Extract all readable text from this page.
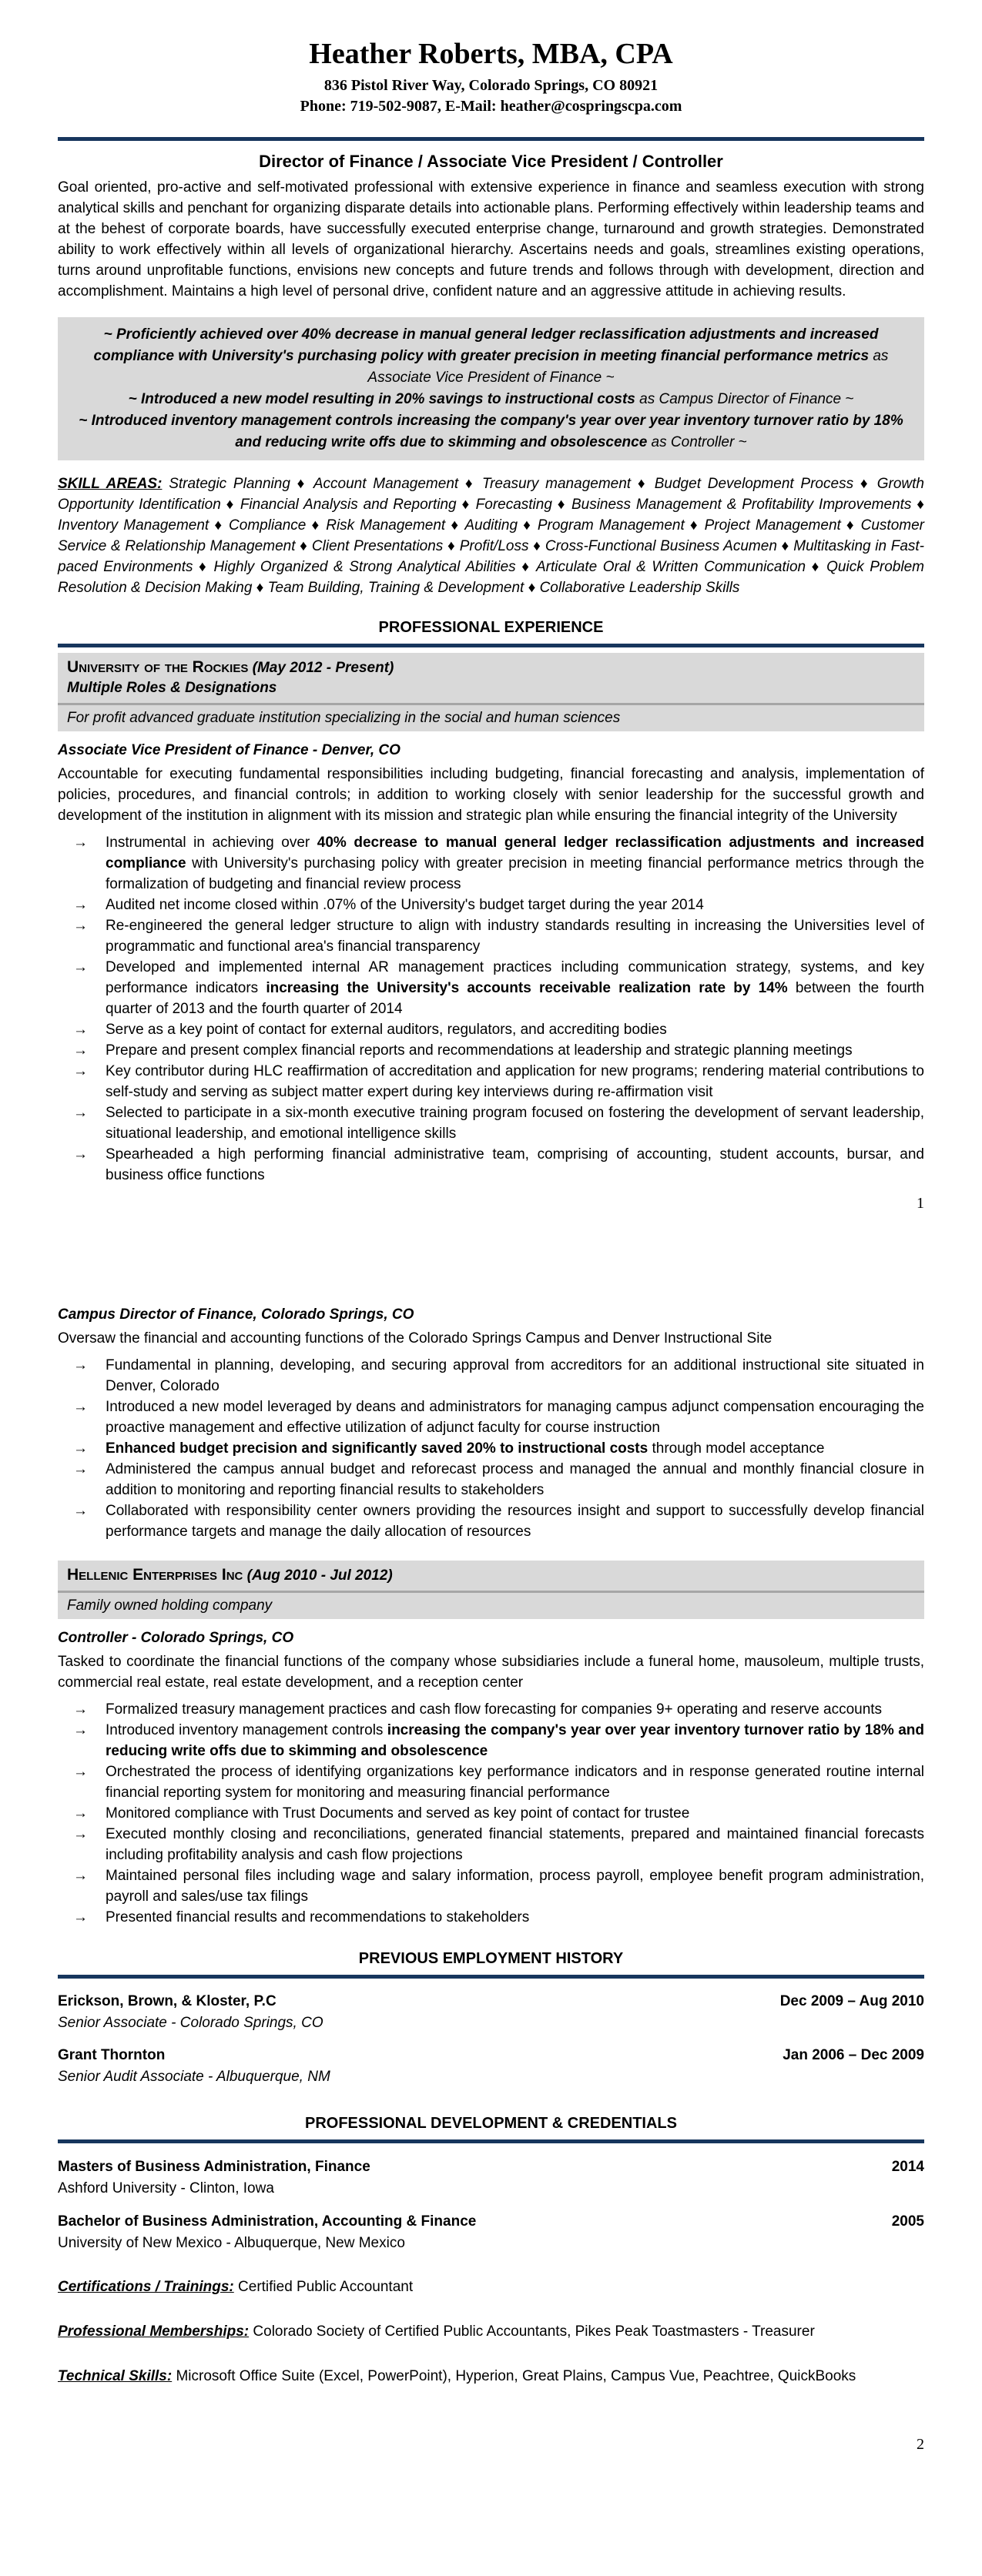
Heather Roberts, MBA, CPA
836 Pistol River Way, Colorado Springs, CO 80921
Phone: 719-502-9087, E-Mail: heather@cospringscpa.com
Director of Finance / Associate Vice President / Controller
Goal oriented, pro-active and self-motivated professional with extensive experience in finance and seamless execution with strong analytical skills and penchant for organizing disparate details into actionable plans. Performing effectively within leadership teams and at the behest of corporate boards, have successfully executed enterprise change, turnaround and growth strategies. Demonstrated ability to work effectively within all levels of organizational hierarchy. Ascertains needs and goals, streamlines existing operations, turns around unprofitable functions, envisions new concepts and future trends and follows through with development, direction and accomplishment. Maintains a high level of personal drive, confident nature and an aggressive attitude in achieving results.
~ Proficiently achieved over 40% decrease in manual general ledger reclassification adjustments and increased compliance with University's purchasing policy with greater precision in meeting financial performance metrics as Associate Vice President of Finance ~
~ Introduced a new model resulting in 20% savings to instructional costs as Campus Director of Finance ~
~ Introduced inventory management controls increasing the company's year over year inventory turnover ratio by 18% and reducing write offs due to skimming and obsolescence as Controller ~
SKILL AREAS: Strategic Planning ♦ Account Management ♦ Treasury management ♦ Budget Development Process ♦ Growth Opportunity Identification ♦ Financial Analysis and Reporting ♦ Forecasting ♦ Business Management & Profitability Improvements ♦ Inventory Management ♦ Compliance ♦ Risk Management ♦ Auditing ♦ Program Management ♦ Project Management ♦ Customer Service & Relationship Management ♦ Client Presentations ♦ Profit/Loss ♦ Cross-Functional Business Acumen ♦ Multitasking in Fast-paced Environments ♦ Highly Organized & Strong Analytical Abilities ♦ Articulate Oral & Written Communication ♦ Quick Problem Resolution & Decision Making ♦ Team Building, Training & Development ♦ Collaborative Leadership Skills
PROFESSIONAL EXPERIENCE
University of the Rockies (May 2012 - Present)
Multiple Roles & Designations
For profit advanced graduate institution specializing in the social and human sciences
Associate Vice President of Finance - Denver, CO
Accountable for executing fundamental responsibilities including budgeting, financial forecasting and analysis, implementation of policies, procedures, and financial controls; in addition to working closely with senior leadership for the successful growth and development of the institution in alignment with its mission and strategic plan while ensuring the financial integrity of the University
→	Instrumental in achieving over 40% decrease to manual general ledger reclassification adjustments and increased compliance with University's purchasing policy with greater precision in meeting financial performance metrics through the formalization of budgeting and financial review process
→	Audited net income closed within .07% of the University's budget target during the year 2014
→	Re-engineered the general ledger structure to align with industry standards resulting in increasing the Universities level of programmatic and functional area's financial transparency
→	Developed and implemented internal AR management practices including communication strategy, systems, and key performance indicators increasing the University's accounts receivable realization rate by 14% between the fourth quarter of 2013 and the fourth quarter of 2014
→	Serve as a key point of contact for external auditors, regulators, and accrediting bodies
→	Prepare and present complex financial reports and recommendations at leadership and strategic planning meetings
→	Key contributor during HLC reaffirmation of accreditation and application for new programs; rendering material contributions to self-study and serving as subject matter expert during key interviews during re-affirmation visit
→	Selected to participate in a six-month executive training program focused on fostering the development of servant leadership, situational leadership, and emotional intelligence skills
→	Spearheaded a high performing financial administrative team, comprising of accounting, student accounts, bursar, and business office functions
1
Campus Director of Finance, Colorado Springs, CO
Oversaw the financial and accounting functions of the Colorado Springs Campus and Denver Instructional Site
→	Fundamental in planning, developing, and securing approval from accreditors for an additional instructional site situated in Denver, Colorado
→	Introduced a new model leveraged by deans and administrators for managing campus adjunct compensation encouraging the proactive management and effective utilization of adjunct faculty for course instruction
→	Enhanced budget precision and significantly saved 20% to instructional costs through model acceptance
→	Administered the campus annual budget and reforecast process and managed the annual and monthly financial closure in addition to monitoring and reporting financial results to stakeholders
→	Collaborated with responsibility center owners providing the resources insight and support to successfully develop financial performance targets and manage the daily allocation of resources
Hellenic Enterprises Inc (Aug 2010 - Jul 2012)
Family owned holding company
Controller - Colorado Springs, CO
Tasked to coordinate the financial functions of the company whose subsidiaries include a funeral home, mausoleum, multiple trusts, commercial real estate, real estate development, and a reception center
→	Formalized treasury management practices and cash flow forecasting for companies 9+ operating and reserve accounts
→	Introduced inventory management controls increasing the company's year over year inventory turnover ratio by 18% and reducing write offs due to skimming and obsolescence
→	Orchestrated the process of identifying organizations key performance indicators and in response generated routine internal financial reporting system for monitoring and measuring financial performance
→	Monitored compliance with Trust Documents and served as key point of contact for trustee
→	Executed monthly closing and reconciliations, generated financial statements, prepared and maintained financial forecasts including profitability analysis and cash flow projections
→	Maintained personal files including wage and salary information, process payroll, employee benefit program administration, payroll and sales/use tax filings
→	Presented financial results and recommendations to stakeholders
PREVIOUS EMPLOYMENT HISTORY
Erickson, Brown, & Kloster, P.C	Dec 2009 – Aug 2010
Senior Associate - Colorado Springs, CO
Grant Thornton	Jan 2006 – Dec 2009
Senior Audit Associate - Albuquerque, NM
PROFESSIONAL DEVELOPMENT & CREDENTIALS
Masters of Business Administration, Finance	2014
Ashford University - Clinton, Iowa
Bachelor of Business Administration, Accounting & Finance	2005
University of New Mexico - Albuquerque, New Mexico
Certifications / Trainings: Certified Public Accountant
Professional Memberships: Colorado Society of Certified Public Accountants, Pikes Peak Toastmasters - Treasurer
Technical Skills: Microsoft Office Suite (Excel, PowerPoint), Hyperion, Great Plains, Campus Vue, Peachtree, QuickBooks
2
